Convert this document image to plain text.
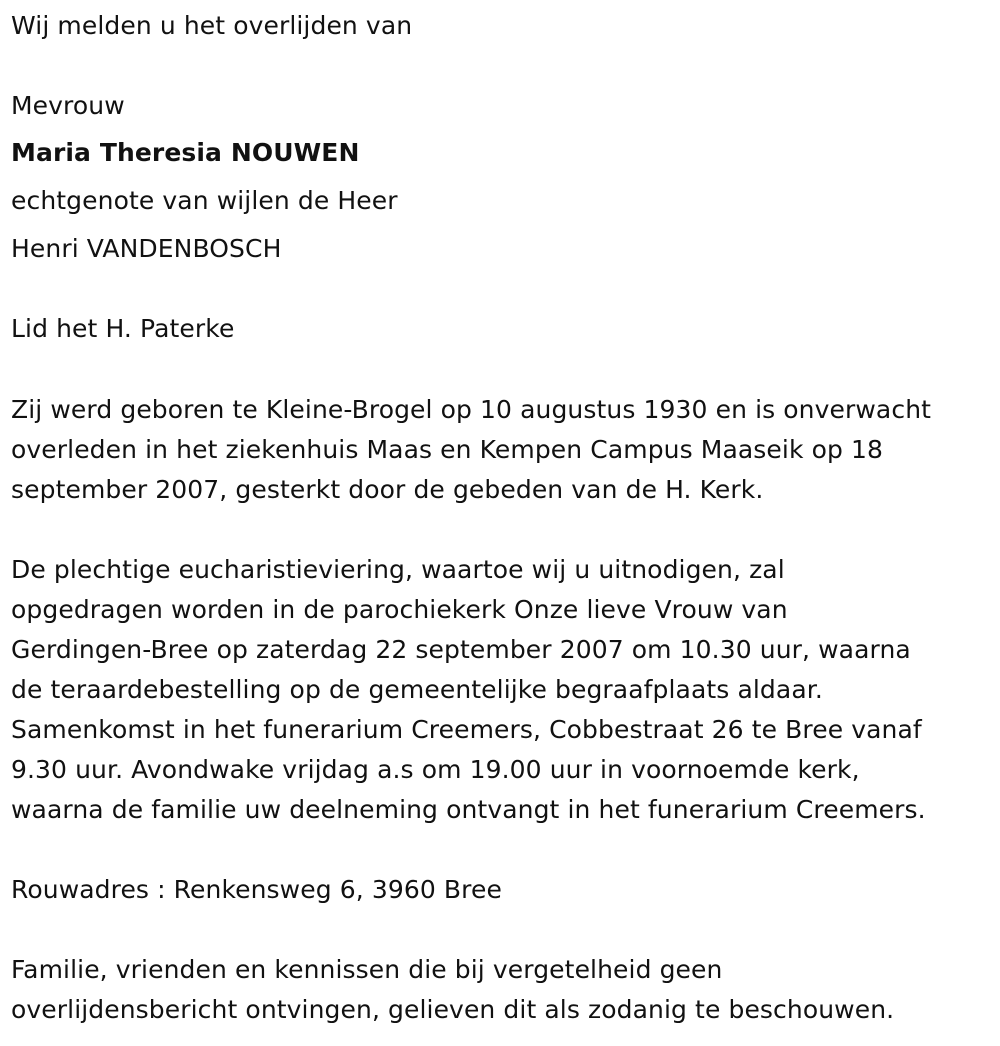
Wij melden u het overlijden van
Mevrouw
Maria Theresia NOUWEN
echtgenote van wijlen de Heer
Henri VANDENBOSCH
Lid het H. Paterke
Zij werd geboren te Kleine-Brogel op 10 augustus 1930 en is onverwacht
overleden in het ziekenhuis Maas en Kempen Campus Maaseik op 18
september 2007, gesterkt door de gebeden van de H. Kerk.
De plechtige eucharistieviering, waartoe wij u uitnodigen, zal
opgedragen worden in de parochiekerk Onze lieve Vrouw van
Gerdingen-Bree op zaterdag 22 september 2007 om 10.30 uur, waarna
de teraardebestelling op de gemeentelijke begraafplaats aldaar.
Samenkomst in het funerarium Creemers, Cobbestraat 26 te Bree vanaf
9.30 uur. Avondwake vrijdag a.s om 19.00 uur in voornoemde kerk,
waarna de familie uw deelneming ontvangt in het funerarium Creemers.
Rouwadres : Renkensweg 6, 3960 Bree
Familie, vrienden en kennissen die bij vergetelheid geen
overlijdensbericht ontvingen, gelieven dit als zodanig te beschouwen.
